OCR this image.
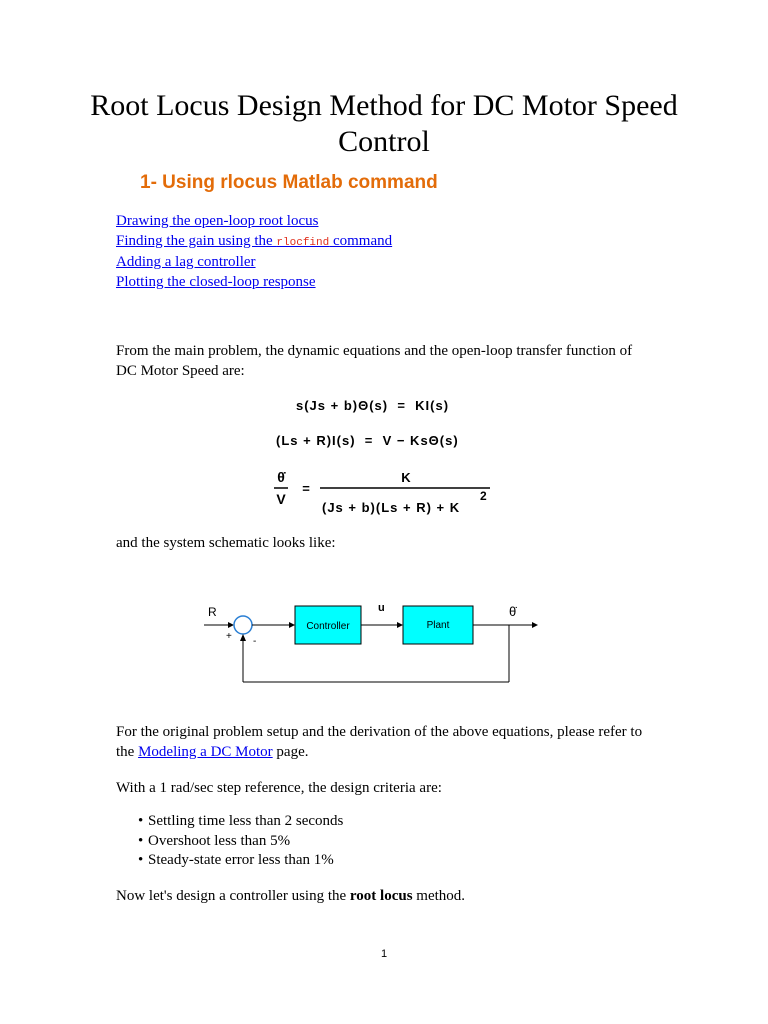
Root Locus Design Method for DC Motor Speed Control
1- Using rlocus Matlab command
Drawing the open-loop root locus
Finding the gain using the rlocfind command
Adding a lag controller
Plotting the closed-loop response

From the main problem, the dynamic equations and the open-loop transfer function of DC Motor Speed are:

s(Js + b)Θ(s)  =  KI(s)
(Ls + R)I(s)  =  V − KsΘ(s)
θ̇
V
=
K
(Js + b)(Ls + R) + K
2

and the system schematic looks like:

R
+ -
Controller
u
Plant
θ̇

For the original problem setup and the derivation of the above equations, please refer to the Modeling a DC Motor page.

With a 1 rad/sec step reference, the design criteria are:

• Settling time less than 2 seconds
• Overshoot less than 5%
• Steady-state error less than 1%

Now let's design a controller using the root locus method.

1
